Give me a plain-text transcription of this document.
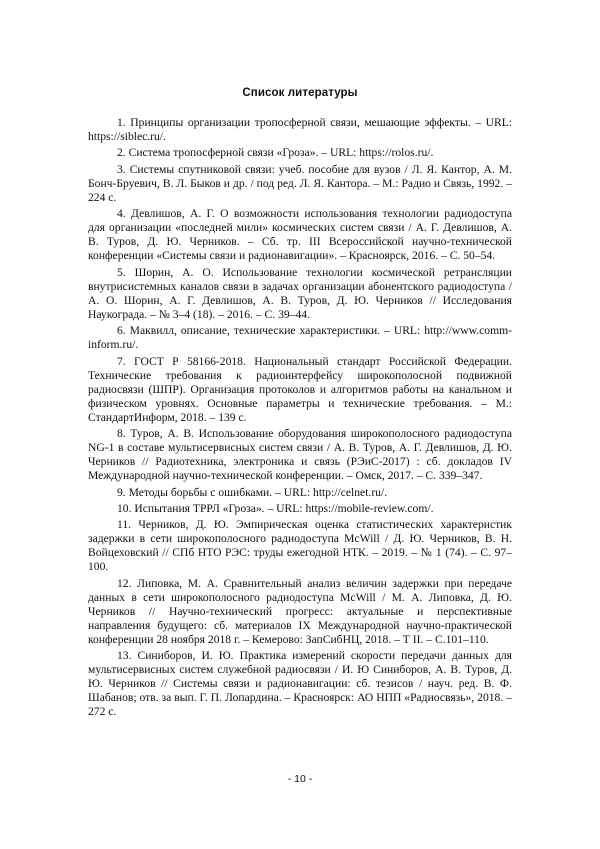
Список литературы
1. Принципы организации тропосферной связи, мешающие эффекты. – URL: https://siblec.ru/.
2. Система тропосферной связи «Гроза». – URL: https://rolos.ru/.
3. Системы спутниковой связи: учеб. пособие для вузов / Л. Я. Кантор, А. М. Бонч-Бруевич, В. Л. Быков и др. / под ред. Л. Я. Кантора. – М.: Радио и Связь, 1992. – 224 с.
4. Девлишов, А. Г. О возможности использования технологии радиодоступа для организации «последней мили» космических систем связи / А. Г. Девлишов, А. В. Туров, Д. Ю. Черников. – Сб. тр. III Всероссийской научно-технической конференции «Системы связи и радионавигации». – Красноярск, 2016. – С. 50–54.
5. Шорин, А. О. Использование технологии космической ретрансляции внутрисистемных каналов связи в задачах организации абонентского радиодоступа / А. О. Шорин, А. Г. Девлишов, А. В. Туров, Д. Ю. Черников // Исследования Наукограда. – № 3–4 (18). – 2016. – С. 39–44.
6. Маквилл, описание, технические характеристики. – URL: http://www.comm-inform.ru/.
7. ГОСТ Р 58166-2018. Национальный стандарт Российской Федерации. Технические требования к радиоинтерфейсу широкополосной подвижной радиосвязи (ШПР). Организация протоколов и алгоритмов работы на канальном и физическом уровнях. Основные параметры и технические требования. – М.: СтандартИнформ, 2018. – 139 с.
8. Туров, А. В. Использование оборудования широкополосного радиодоступа NG-1 в составе мультисервисных систем связи / А. В. Туров, А. Г. Девлишов, Д. Ю. Черников // Радиотехника, электроника и связь (РЭиС-2017) : сб. докладов IV Международной научно-технической конференции. – Омск, 2017. – С. 339–347.
9. Методы борьбы с ошибками. – URL: http://celnet.ru/.
10. Испытания ТРРЛ «Гроза». – URL: https://mobile-review.com/.
11. Черников, Д. Ю. Эмпирическая оценка статистических характеристик задержки в сети широкополосного радиодоступа McWill / Д. Ю. Черников, В. Н. Войцеховский // СПб НТО РЭС: труды ежегодной НТК. – 2019. – № 1 (74). – С. 97–100.
12. Липовка, М. А. Сравнительный анализ величин задержки при передаче данных в сети широкополосного радиодоступа McWill / М. А. Липовка, Д. Ю. Черников // Научно-технический прогресс: актуальные и перспективные направления будущего: сб. материалов IX Международной научно-практической конференции 28 ноября 2018 г. – Кемерово: ЗапСибНЦ, 2018. – Т II. – С.101–110.
13. Синиборов, И. Ю. Практика измерений скорости передачи данных для мультисервисных систем служебной радиосвязи / И. Ю Синиборов, А. В. Туров, Д. Ю. Черников // Системы связи и радионавигации: сб. тезисов / науч. ред. В. Ф. Шабанов; отв. за вып. Г. П. Лопардина. – Красноярск: АО НПП «Радиосвязь», 2018. – 272 с.
- 10 -
